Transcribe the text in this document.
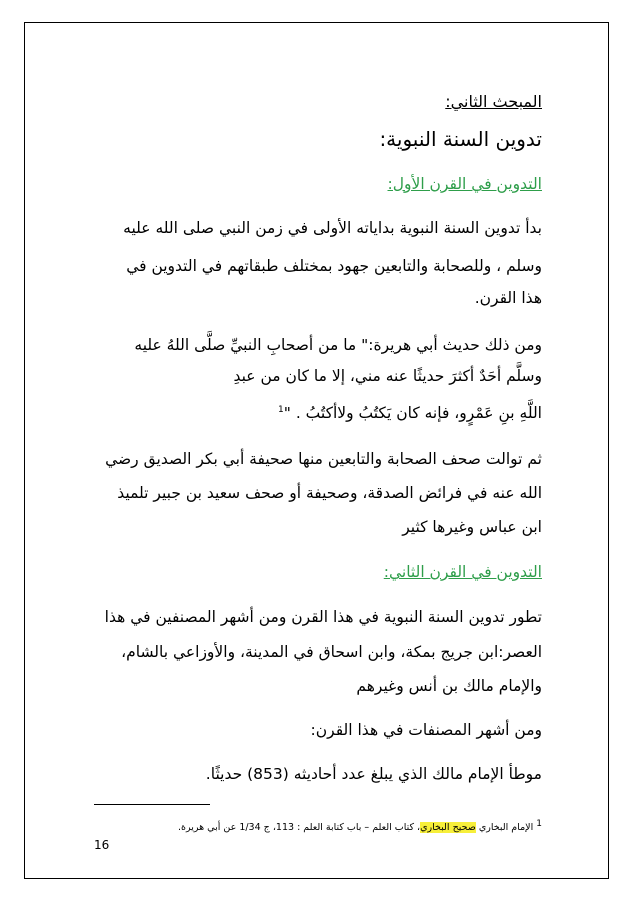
المبحث الثاني:
تدوين السنة النبوية:
التدوين في القرن الأول:
بدأ تدوين السنة النبوية بداياته الأولى في زمن النبي صلى الله عليه
وسلم ، وللصحابة والتابعين جهود بمختلف طبقاتهم في التدوين في
هذا القرن.
ومن ذلك حديث أبي هريرة:" ما من أصحابِ النبيِّ صلَّى اللهُ عليه
وسلَّم أحَدٌ أكثرَ حديثًا عنه مني، إلا ما كان من عبدِ
اللَّهِ بنِ عَمْرٍو، فإنه كان يَكتُبُ ولاأكتُبُ . "$^1$
ثم توالت صحف الصحابة والتابعين منها صحيفة أبي بكر الصديق رضي
الله عنه في فرائض الصدقة، وصحيفة أو صحف سعيد بن جبير تلميذ
ابن عباس وغيرها كثير
التدوين في القرن الثاني:
تطور تدوين السنة النبوية في هذا القرن ومن أشهر المصنفين في هذا
العصر:ابن جريج بمكة، وابن اسحاق في المدينة، والأوزاعي بالشام،
والإمام مالك بن أنس وغيرهم
ومن أشهر المصنفات في هذا القرن:
موطأ الإمام مالك الذي يبلغ عدد أحاديثه (853) حديثًا.
$^1$ الإمام البخاري صحيح البخاري، كتاب العلم – باب كتابة العلم : 113، ج 1/34 عن أبي هريرة.
16
